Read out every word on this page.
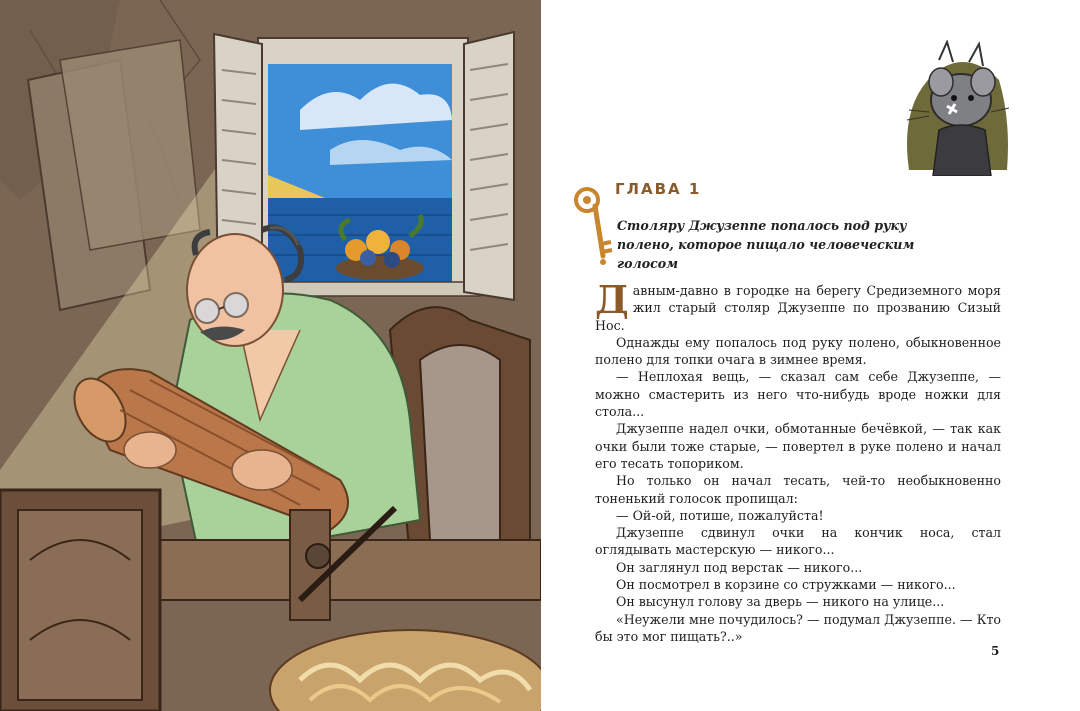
ГЛАВА 1
Столяру Джузеппе попалось под руку полено, которое пищало человеческим голосом

Давным-давно в городке на берегу Средиземного моря жил старый столяр Джузеппе по прозванию Сизый Нос.

Однажды ему попалось под руку полено, обыкновенное полено для топки очага в зимнее время.

— Неплохая вещь, — сказал сам себе Джузеппе, — можно смастерить из него что-нибудь вроде ножки для стола...

Джузеппе надел очки, обмотанные бечёвкой, — так как очки были тоже старые, — повертел в руке полено и начал его тесать топориком.

Но только он начал тесать, чей-то необыкновенно тоненький голосок пропищал:

— Ой-ой, потише, пожалуйста!

Джузеппе сдвинул очки на кончик носа, стал оглядывать мастерскую — никого...

Он заглянул под верстак — никого...

Он посмотрел в корзине со стружками — никого...

Он высунул голову за дверь — никого на улице...

«Неужели мне почудилось? — подумал Джузеппе. — Кто бы это мог пищать?..»

5
